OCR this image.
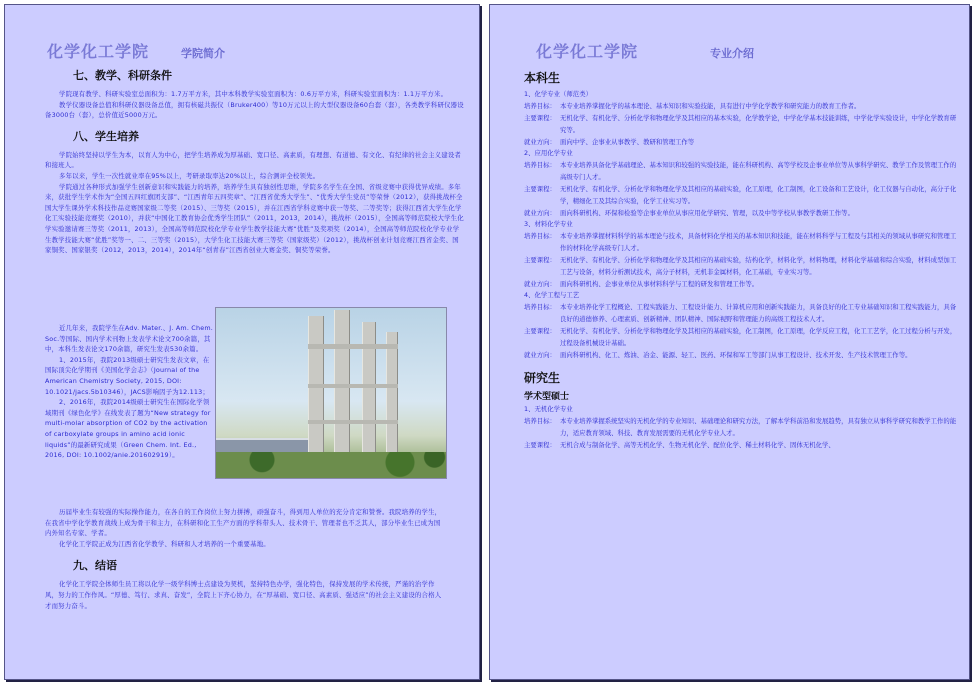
化学化工学院	学院简介
七、教学、科研条件
学院现有教学、科研实验室总面积为：1.7万平方米，其中本科教学实验室面积为：0.6万平方米，科研实验室面积为：1.1万平方米。
教学仪器设备总值和科研仪器设备总值，拥有核磁共振仪（Bruker400）等10万元以上的大型仪器设备60台套（套），各类教学科研仪器设备3000台（套），总价值近5000万元。
八、学生培养
学院始终坚持以学生为本，以育人为中心，把学生培养成为厚基础、宽口径、高素质，有理想、有道德、有文化、有纪律的社会主义建设者和接班人。
多年以来，学生一次性就业率在95%以上，考研录取率达20%以上，综合测评全校领先。
学院通过各种形式加强学生创新意识和实践能力的培养，培养学生具有独创性思维，学院多名学生在全国、省级竞赛中获得优异成绩。多年来，获批学生学术作为“全国五四红旗团支部”、“江西青年五四奖章”、“江西省优秀大学生”、“优秀大学生党员”等荣誉（2012），获得挑战杯全国大学生课外学术科技作品竞赛国家级二等奖（2015）、三等奖（2015），并在江西省学科竞赛中获一等奖、二等奖等；获得江西省大学生化学化工实验技能竞赛奖（2010），并获“中国化工教育协会优秀学生团队”（2011，2013，2014），挑战杯（2015），全国高等师范院校大学生化学实验邀请赛三等奖（2011，2013），全国高等师范院校化学专业学生教学技能大赛“优胜”及奖项奖（2014），全国高等师范院校化学专业学生教学技能大赛“优胜”奖等一、二、三等奖（2015），大学生化工技能大赛三等奖（国家级奖）（2012），挑战杯创业计划竞赛江西省金奖、国家铜奖、国家银奖（2012，2013，2014），2014年“创青春”江西省创业大赛金奖、铜奖等荣誉。
近几年来，我院学生在Adv. Mater.、J. Am. Chem. Soc.等国际、国内学术刊物上发表学术论文700余篇，其中，本科生发表论文170余篇，研究生发表530余篇。
1、2015年，我院2013级硕士研究生发表文章，在国际顶尖化学期刊《美国化学会志》（Journal of the American Chemistry Society, 2015, DOI: 10.1021/jacs.5b10346），JACS影响因子为12.113；
2、2016年，我院2014级硕士研究生在国际化学领域期刊《绿色化学》在线发表了题为“New strategy for multi-molar absorption of CO2 by the activation of carboxylate groups in amino acid ionic liquids”的最新研究成果（Green Chem. Int. Ed., 2016, DOI: 10.1002/anie.201602919）。
历届毕业生有较强的实际操作能力，在各自的工作岗位上努力拼搏，顽强奋斗，得到用人单位的充分肯定和赞誉。我院培养的学生，在我省中学化学教育战线上成为骨干和主力，在科研和化工生产方面的学科带头人、技术骨干、管理者也不乏其人，部分毕业生已成为国内外知名专家、学者。
化学化工学院正成为江西省化学教学、科研和人才培养的一个重要基地。
九、结语
化学化工学院全体师生员工将以化学一级学科博士点建设为契机，坚持特色办学，强化特色，保持发展的学术传统，严谨的治学作风，努力的工作作风。“厚德、笃行、求真、奋发”，全院上下齐心协力，在“厚基础、宽口径、高素质、强适应”的社会主义建设的合格人才而努力奋斗。
化学化工学院	专业介绍
本科生
1、化学专业（师范类）
培养目标： 本专业培养掌握化学的基本理论、基本知识和实验技能，具有进行中学化学教学和研究能力的教育工作者。
主要课程： 无机化学、有机化学、分析化学和物理化学及其相应的基本实验，化学教学论，中学化学基本技能训练，中学化学实验设计，中学化学教育研究等。
就业方向： 面向中学、企事业从事教学、教研和管理工作等
2、应用化学专业
培养目标： 本专业培养具备化学基础理论、基本知识和较强的实验技能，能在科研机构、高等学校及企事业单位等从事科学研究、教学工作及管理工作的高级专门人才。
主要课程： 无机化学、有机化学、分析化学和物理化学及其相应的基础实验，化工原理，化工制图，化工设备和工艺设计，化工仪器与自动化，高分子化学，精细化工及其综合实验，化学工业实习等。
就业方向： 面向科研机构、环保和检验等企事业单位从事应用化学研究、管理，以及中等学校从事教学教研工作等。
3、材料化学专业
培养目标： 本专业培养掌握材料科学的基本理论与技术，具备材料化学相关的基本知识和技能，能在材料科学与工程及与其相关的领域从事研究和管理工作的材料化学高级专门人才。
主要课程： 无机化学、有机化学、分析化学和物理化学及其相应的基础实验，结构化学，材料化学，材料物理，材料化学基础和综合实验，材料成型加工工艺与设备，材料分析测试技术，高分子材料，无机非金属材料，化工基础，专业实习等。
就业方向： 面向科研机构、企事业单位从事材料科学与工程的研发和管理工作等。
4、化学工程与工艺
培养目标： 本专业培养化学工程概论、工程实践能力、工程设计能力、计算机应用和创新实践能力，具备良好的化工专业基础知识和工程实践能力，具备良好的道德修养、心理素质、创新精神、团队精神、国际视野和管理能力的高级工程技术人才。
主要课程： 无机化学、有机化学、分析化学和物理化学及其相应的基础实验，化工制图，化工原理，化学反应工程，化工工艺学，化工过程分析与开发，过程设备机械设计基础。
就业方向： 面向科研机构、化工、炼油、冶金、能源、轻工、医药、环保和军工等部门从事工程设计、技术开发、生产技术管理工作等。
研究生
学术型硕士
1、无机化学专业
培养目标： 本专业培养掌握系统坚实的无机化学的专业知识、基础理论和研究方法，了解本学科前沿和发展趋势，具有独立从事科学研究和教学工作的能力，适应教育领域、科技、教育发展需要的无机化学专业人才。
主要课程： 无机合成与制备化学、高等无机化学、生物无机化学、配位化学、稀土材料化学、固体无机化学、
